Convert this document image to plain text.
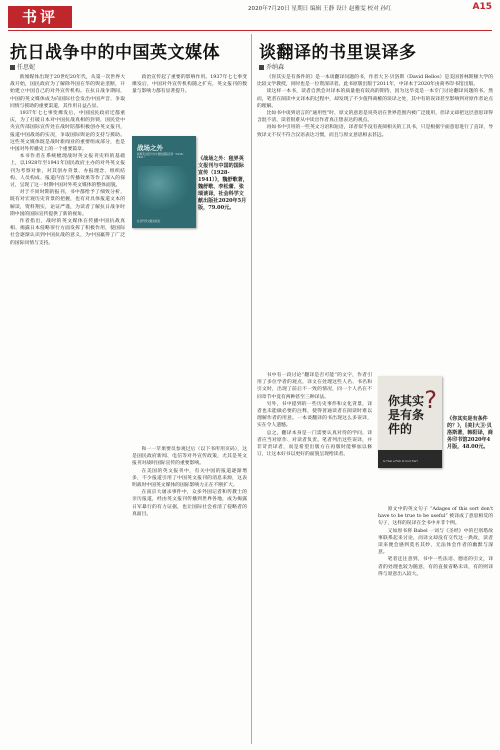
书评	2020年7月20日 星期日 编辑 王静 设计 赵雅雯 校对 孙红	A15
抗日战争中的中国英文媒体
任思妮

新闻媒体出现于20世纪20年代，从第一次世界大战开始，国民政府为了解除外国在华的舆论垄断，开始建立中国自己的对外宣传机构。在抗日战争期间，中国的英文媒体成为向国际社会发出中国声音、争取同情与援助的重要渠道，其作用日益凸显。

1937年七七事变爆发后，中国国民政府迁都重庆，为了打破日本对中国抗战真相的封锁，国民党中央宣传部国际宣传处在战时陪都积极创办英文报刊，报道中国战场的实况，争取国际舆论的支持与援助。这些英文媒体既是战时新闻业的重要组成部分，也是中国对外传播史上的一个重要篇章。

本书作者在系统梳理战时英文报刊史料的基础上，以1928年至1941年国民政府主办的对外英文报刊为考察对象，对其创办背景、办报理念、组织结构、人员构成、报道内容与传播效果等作了深入的探讨，呈现了这一时期中国对外英文媒体的整体面貌。

对于不同时期的报刊，书中都给予了细致分析，既有对宏观历史背景的把握，也有对具体报道文本的解读，资料翔实，论证严谨，为读者了解抗日战争时期中国的国际宣传提供了新的视角。

作者指出，战时的英文媒体在传播中国抗战真相、揭露日本侵略罪行方面发挥了积极作用，使国际社会逐渐认识到中国抗战的意义，为中国赢得了广泛的国际同情与支持。

政治宣传起了重要的影响作用。1937年七七事变爆发后，中国对外宣传机构随之扩充，英文报刊的数量与影响力都有显著提升。

战场之外
租界英文报刊与中国的国际宣传（1928-1941）
社会科学文献出版社
《战场之外：租界英文报刊与中国的国际宣传（1928-1941）》，魏舒歌著，魏舒歌、李松蕾、张瑞谈译，社会科学文献出版社2020年5月版，79.00元。

和一一苹果要员参观过后（以下书所用页码），这是国民政府新闻、电信等对外宣传政策，尤其是英文报刊对战时国际宣传的重要影响。

在美国的英文报刊中，有关中国的报道逐渐增多，不少报道引用了中国英文报刊的消息来源，这表明战时中国英文媒体的国际影响力正在不断扩大。

在南京大屠杀事件中，众多外国记者和传教士的亲历报道，经由英文报刊传播到世界各地，成为揭露日军暴行的有力证据，也让国际社会看清了侵略者的真面目。

谈翻译的书里误译多
乔纳森

《你其实是有条件的》是一本谈翻译问题的书，作者大卫·贝洛斯（David Bellos）是美国普林斯顿大学的比较文学教授，同时也是一位资深译者。此书原版出版于2011年，中译本于2020年由商务印书馆出版。

读这样一本书，读者自然会对译本的质量抱有较高的期待，因为这毕竟是一本专门讨论翻译问题的书。然而，笔者在阅读中文译本的过程中，却发现了不少值得商榷的误译之处，其中有的误译甚至影响到对原作者论点的理解。

比如书中谈到语言的“通用性”时，原文的意思是说英语在世界范围内被广泛使用，但译文却把这层意思译得含混不清，读者很难从中读出作者真正想表达的观点。

再如书中引用的一些英文习语和短语，译者似乎没有查阅相关的工具书，只是根据字面意思进行了直译，导致译文不仅不符合汉语表达习惯，而且与原文意思相去甚远。

书中有一段讨论“翻译是否可能”的文字，作者引用了多位学者的观点，译文在处理这些人名、书名和引文时，出现了前后不一致的情况，同一个人名在不同章节中竟有两种甚至三种译法。

另外，书中提到的一些历史事件和文化背景，译者也未能做必要的注释，使得普通读者在阅读时难以理解作者的用意。一本谈翻译的书出现这么多误译，实在令人遗憾。

总之，翻译本身是一门需要认真对待的学问，译者应当对原作、对读者负责。笔者列出这些误译，并非苛责译者，而是希望出版方在再版时能够加以修订，让这本好书以更好的面貌呈现给读者。

?
你其实是有条件的
Is That a Fish in Your Ear?
《你其实是有条件的？》，[美]大卫·贝洛斯著，韩阳译，商务印书馆2020年4月版，48.00元。

原文中的英文句子 “Adages of this sort don't have to be true to be useful” 被译成了意思相反的句子，这样的误译在全书中并非个例。

又如原书将 Babel 一词与《圣经》中的巴别塔故事联系起来讨论，而译文却没有交代这一典故，读者读来便会感到莫名其妙，无法体会作者的幽默与深意。

笔者还注意到，书中一些法语、德语的引文，译者的处理也较为随意，有的直接省略未译，有的则译得与原意出入较大。
